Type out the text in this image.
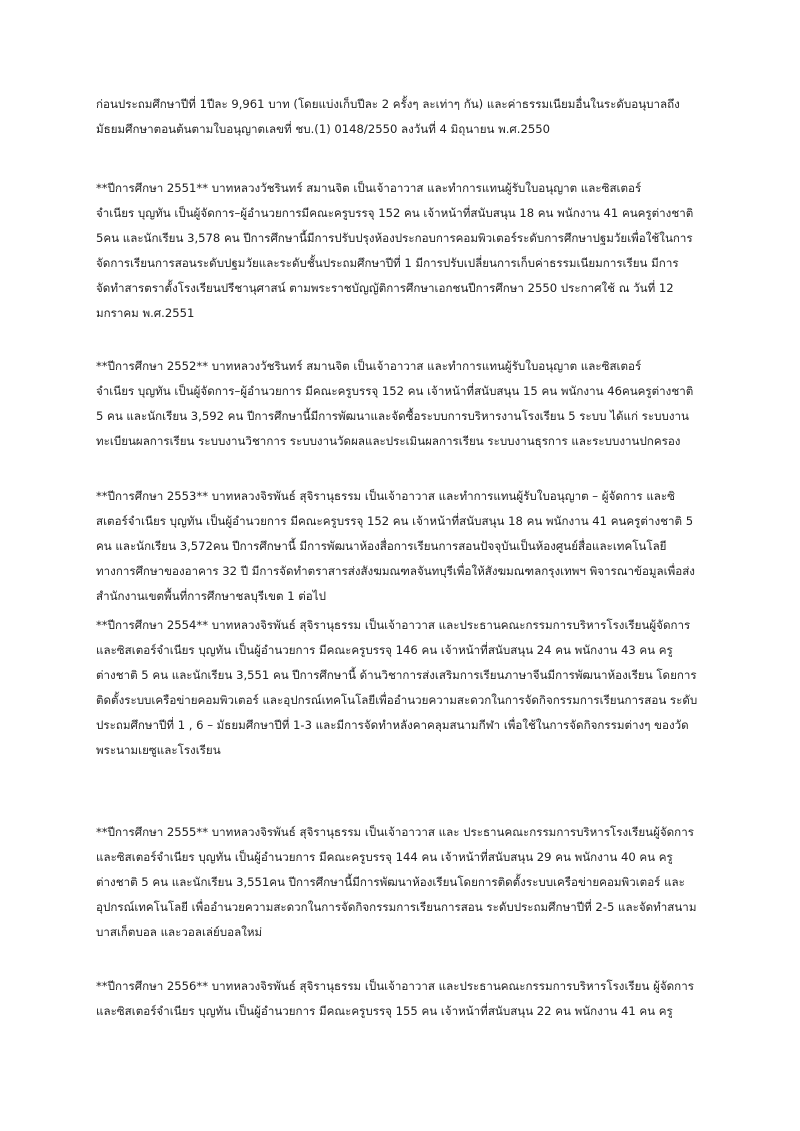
ก่อนประถมศึกษาปีที่ 1ปีละ 9,961 บาท (โดยแบ่งเก็บปีละ 2 ครั้งๆ ละเท่าๆ กัน) และค่าธรรมเนียมอื่นในระดับอนุบาลถึง
มัธยมศึกษาตอนต้นตามใบอนุญาตเลขที่ ชบ.(1) 0148/2550 ลงวันที่ 4 มิถุนายน พ.ศ.2550

**ปีการศึกษา 2551** บาทหลวงวัชรินทร์ สมานจิต เป็นเจ้าอาวาส และทำการแทนผู้รับใบอนุญาต และซิสเตอร์
จำเนียร บุญทัน เป็นผู้จัดการ–ผู้อำนวยการมีคณะครูบรรจุ 152 คน เจ้าหน้าที่สนับสนุน 18 คน พนักงาน 41 คนครูต่างชาติ
5คน และนักเรียน 3,578 คน ปีการศึกษานี้มีการปรับปรุงห้องประกอบการคอมพิวเตอร์ระดับการศึกษาปฐมวัยเพื่อใช้ในการ
จัดการเรียนการสอนระดับปฐมวัยและระดับชั้นประถมศึกษาปีที่ 1 มีการปรับเปลี่ยนการเก็บค่าธรรมเนียมการเรียน มีการ
จัดทำสารตราตั้งโรงเรียนปรีชานุศาสน์ ตามพระราชบัญญัติการศึกษาเอกชนปีการศึกษา 2550 ประกาศใช้ ณ วันที่ 12
มกราคม พ.ศ.2551

**ปีการศึกษา 2552** บาทหลวงวัชรินทร์ สมานจิต เป็นเจ้าอาวาส และทำการแทนผู้รับใบอนุญาต และซิสเตอร์
จำเนียร บุญทัน เป็นผู้จัดการ–ผู้อำนวยการ มีคณะครูบรรจุ 152 คน เจ้าหน้าที่สนับสนุน 15 คน พนักงาน 46คนครูต่างชาติ
5 คน และนักเรียน 3,592 คน ปีการศึกษานี้มีการพัฒนาและจัดซื้อระบบการบริหารงานโรงเรียน 5 ระบบ ได้แก่ ระบบงาน
ทะเบียนผลการเรียน ระบบงานวิชาการ ระบบงานวัดผลและประเมินผลการเรียน ระบบงานธุรการ และระบบงานปกครอง

**ปีการศึกษา 2553** บาทหลวงจิรพันธ์ สุจิรานุธรรม เป็นเจ้าอาวาส และทำการแทนผู้รับใบอนุญาต – ผู้จัดการ และซิ
สเตอร์จำเนียร บุญทัน เป็นผู้อำนวยการ มีคณะครูบรรจุ 152 คน เจ้าหน้าที่สนับสนุน 18 คน พนักงาน 41 คนครูต่างชาติ 5
คน และนักเรียน 3,572คน ปีการศึกษานี้ มีการพัฒนาห้องสื่อการเรียนการสอนปัจจุบันเป็นห้องศูนย์สื่อและเทคโนโลยี
ทางการศึกษาของอาคาร 32 ปี มีการจัดทำตราสารส่งสังฆมณฑลจันทบุรีเพื่อให้สังฆมณฑลกรุงเทพฯ พิจารณาข้อมูลเพื่อส่ง
สำนักงานเขตพื้นที่การศึกษาชลบุรีเขต 1 ต่อไป

**ปีการศึกษา 2554** บาทหลวงจิรพันธ์ สุจิรานุธรรม เป็นเจ้าอาวาส และประธานคณะกรรมการบริหารโรงเรียนผู้จัดการ
และซิสเตอร์จำเนียร บุญทัน เป็นผู้อำนวยการ มีคณะครูบรรจุ 146 คน เจ้าหน้าที่สนับสนุน 24 คน พนักงาน 43 คน ครู
ต่างชาติ 5 คน และนักเรียน 3,551 คน ปีการศึกษานี้ ด้านวิชาการส่งเสริมการเรียนภาษาจีนมีการพัฒนาห้องเรียน โดยการ
ติดตั้งระบบเครือข่ายคอมพิวเตอร์ และอุปกรณ์เทคโนโลยีเพื่ออำนวยความสะดวกในการจัดกิจกรรมการเรียนการสอน ระดับ
ประถมศึกษาปีที่ 1 , 6 – มัธยมศึกษาปีที่ 1-3 และมีการจัดทำหลังคาคลุมสนามกีฬา เพื่อใช้ในการจัดกิจกรรมต่างๆ ของวัด
พระนามเยซูและโรงเรียน

**ปีการศึกษา 2555** บาทหลวงจิรพันธ์ สุจิรานุธรรม เป็นเจ้าอาวาส และ ประธานคณะกรรมการบริหารโรงเรียนผู้จัดการ
และซิสเตอร์จำเนียร บุญทัน เป็นผู้อำนวยการ มีคณะครูบรรจุ 144 คน เจ้าหน้าที่สนับสนุน 29 คน พนักงาน 40 คน ครู
ต่างชาติ 5 คน และนักเรียน 3,551คน ปีการศึกษานี้มีการพัฒนาห้องเรียนโดยการติดตั้งระบบเครือข่ายคอมพิวเตอร์ และ
อุปกรณ์เทคโนโลยี เพื่ออำนวยความสะดวกในการจัดกิจกรรมการเรียนการสอน ระดับประถมศึกษาปีที่ 2-5 และจัดทำสนาม
บาสเก็ตบอล และวอลเล่ย์บอลใหม่

**ปีการศึกษา 2556** บาทหลวงจิรพันธ์ สุจิรานุธรรม เป็นเจ้าอาวาส และประธานคณะกรรมการบริหารโรงเรียน ผู้จัดการ
และซิสเตอร์จำเนียร บุญทัน เป็นผู้อำนวยการ มีคณะครูบรรจุ 155 คน เจ้าหน้าที่สนับสนุน 22 คน พนักงาน 41 คน ครู
